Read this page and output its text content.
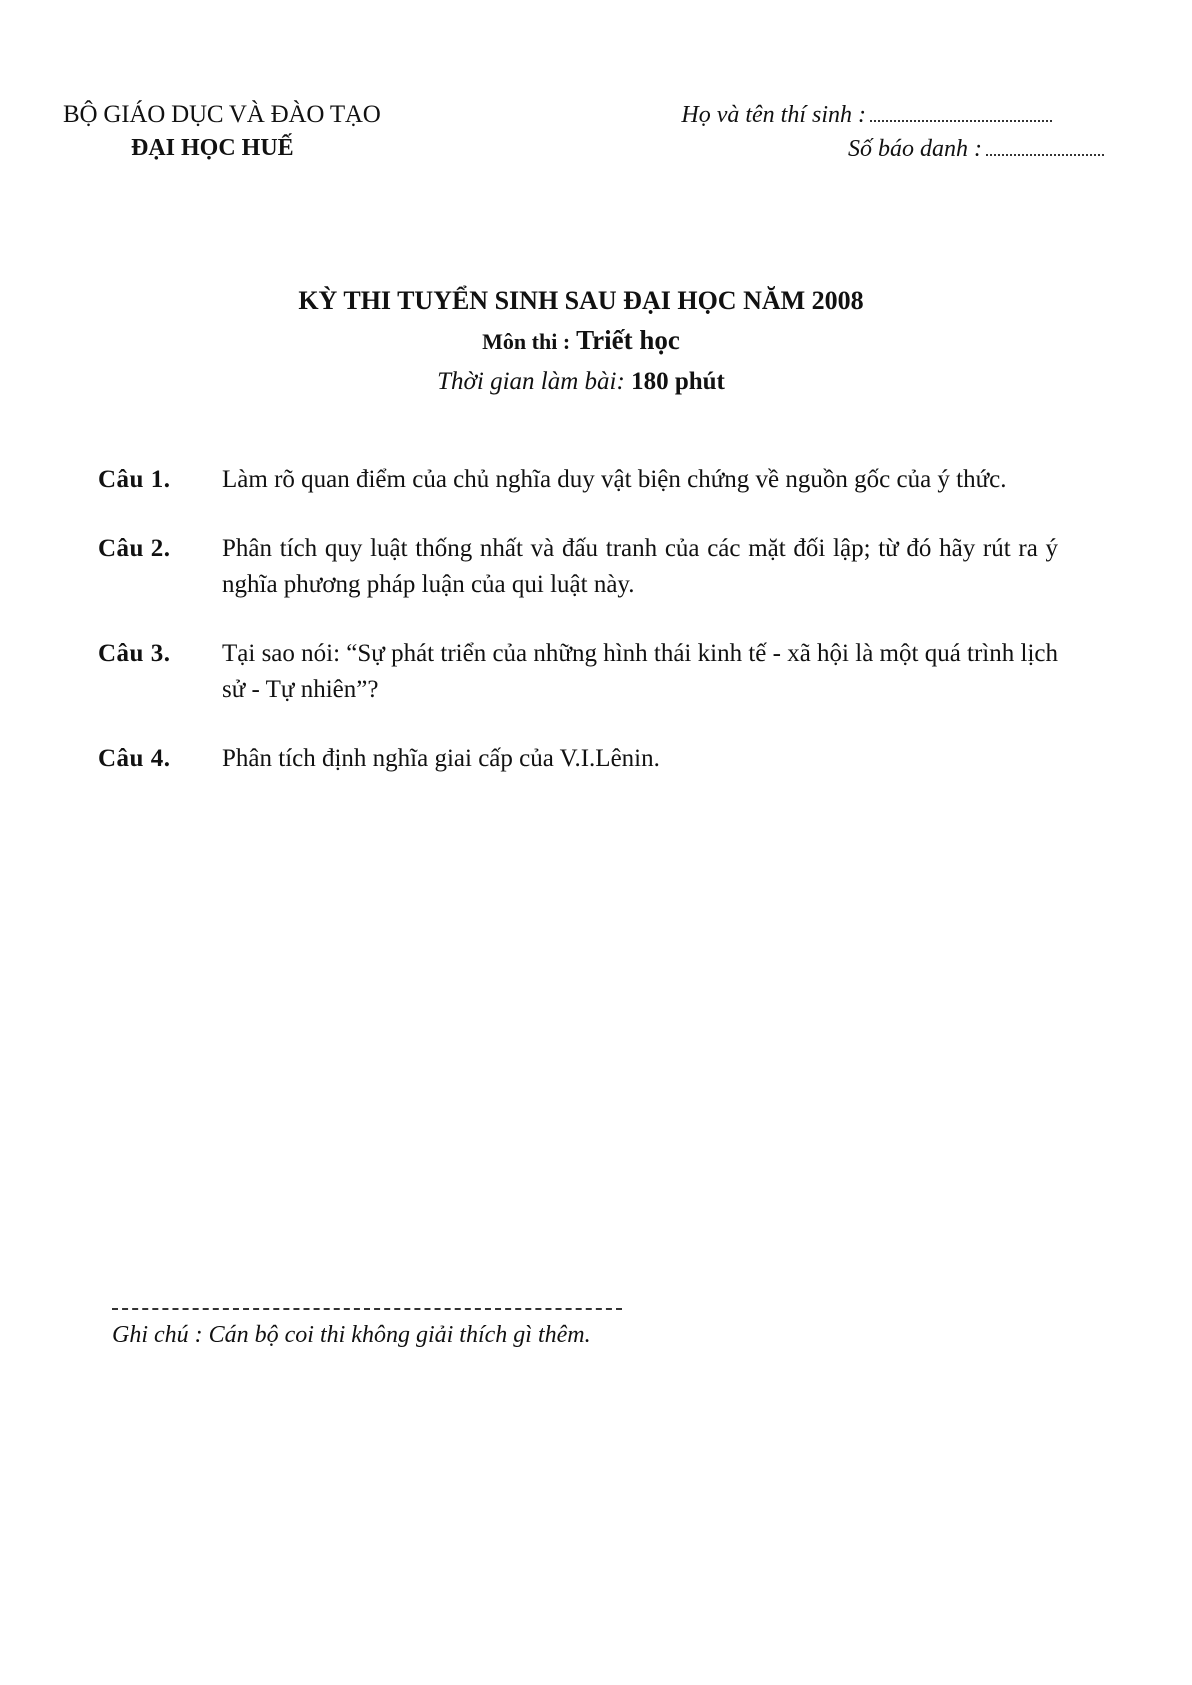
BỘ GIÁO DỤC VÀ ĐÀO TẠO
ĐẠI HỌC HUẾ
Họ và tên thí sinh :
Số báo danh :
KỲ THI TUYỂN SINH SAU ĐẠI HỌC NĂM 2008
Môn thi : Triết học
Thời gian làm bài: 180 phút
Câu 1.	Làm rõ quan điểm của chủ nghĩa duy vật biện chứng về nguồn gốc của ý thức.
Câu 2.	Phân tích quy luật thống nhất và đấu tranh của các mặt đối lập; từ đó hãy rút ra ý nghĩa phương pháp luận của qui luật này.
Câu 3.	Tại sao nói: “Sự phát triển của những hình thái kinh tế - xã hội là một quá trình lịch sử - Tự nhiên”?
Câu 4.	Phân tích định nghĩa giai cấp của V.I.Lênin.
Ghi chú : Cán bộ coi thi không giải thích gì thêm.
